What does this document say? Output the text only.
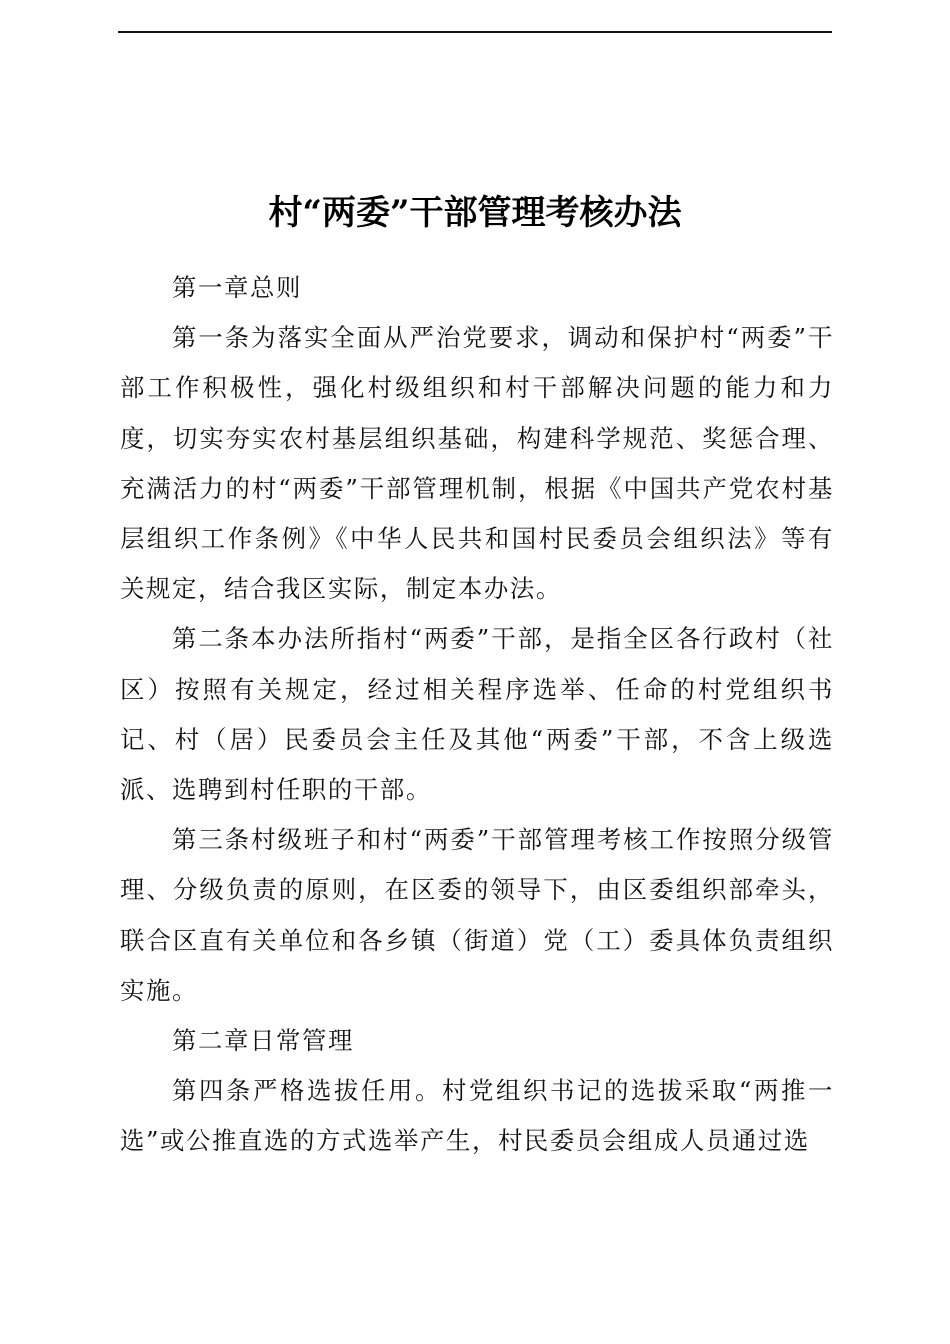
村“两委”干部管理考核办法

第一章总则

第一条为落实全面从严治党要求，调动和保护村“两委”干部工作积极性，强化村级组织和村干部解决问题的能力和力度，切实夯实农村基层组织基础，构建科学规范、奖惩合理、充满活力的村“两委”干部管理机制，根据《中国共产党农村基层组织工作条例》《中华人民共和国村民委员会组织法》等有关规定，结合我区实际，制定本办法。

第二条本办法所指村“两委”干部，是指全区各行政村（社区）按照有关规定，经过相关程序选举、任命的村党组织书记、村（居）民委员会主任及其他“两委”干部，不含上级选派、选聘到村任职的干部。

第三条村级班子和村“两委”干部管理考核工作按照分级管理、分级负责的原则，在区委的领导下，由区委组织部牵头，联合区直有关单位和各乡镇（街道）党（工）委具体负责组织实施。

第二章日常管理

第四条严格选拔任用。村党组织书记的选拔采取“两推一选”或公推直选的方式选举产生，村民委员会组成人员通过选
